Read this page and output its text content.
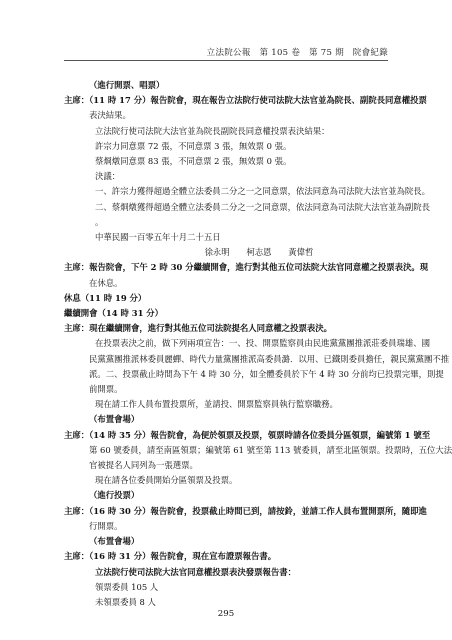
立法院公報　第 105 卷　第 75 期　院會紀錄
（進行開票、唱票）
主席：（11 時 17 分）報告院會，現在報告立法院行使司法院大法官並為院長、副院長同意權投票
表決結果。
立法院行使司法院大法官並為院長副院長同意權投票表決結果：
許宗力同意票 72 張，不同意票 3 張，無效票 0 張。
蔡烱燉同意票 83 張，不同意票 2 張，無效票 0 張。
決議：
一、許宗力獲得超過全體立法委員二分之一之同意票，依法同意為司法院大法官並為院長。
二、蔡烱燉獲得超過全體立法委員二分之一之同意票，依法同意為司法院大法官並為副院長
。
中華民國一百零五年十月二十五日
徐永明　　柯志恩　　黃偉哲
主席：報告院會，下午 2 時 30 分繼續開會，進行對其他五位司法院大法官同意權之投票表決。現
在休息。
休息（11 時 19 分）
繼續開會（14 時 31 分）
主席：現在繼續開會，進行對其他五位司法院提名人同意權之投票表決。
在投票表決之前，做下列兩項宣告：一、投、開票監察員由民進黨黨團推派莊委員瑞雄、國
民黨黨團推派林委員麗蟬、時代力量黨團推派高委員潞．以用、已鐵則委員擔任，親民黨黨團不推
派。二、投票截止時間為下午 4 時 30 分，如全體委員於下午 4 時 30 分前均已投票完畢，則提
前開票。
現在請工作人員布置投票所，並請投、開票監察員執行監察職務。
（布置會場）
主席：（14 時 35 分）報告院會，為便於領票及投票，領票時請各位委員分區領票，編號第 1 號至
第 60 號委員，請至南區領票；編號第 61 號至第 113 號委員，請至北區領票。投票時，五位大法
官被提名人同列為一張選票。
現在請各位委員開始分區領票及投票。
（進行投票）
主席：（16 時 30 分）報告院會，投票截止時間已到，請按鈴，並請工作人員布置開票所，隨即進
行開票。
（布置會場）
主席：（16 時 31 分）報告院會，現在宣布證票報告書。
立法院行使司法院大法官同意權投票表決發票報告書：
領票委員 105 人
未領票委員 8 人
295
